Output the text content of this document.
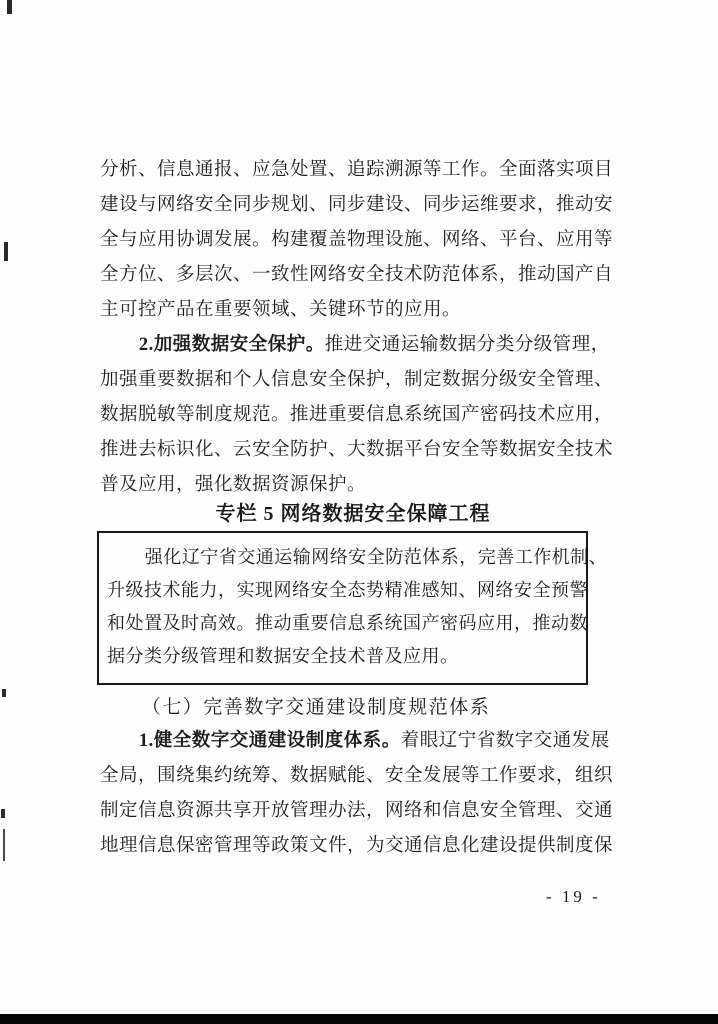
分析、信息通报、应急处置、追踪溯源等工作。全面落实项目
建设与网络安全同步规划、同步建设、同步运维要求，推动安
全与应用协调发展。构建覆盖物理设施、网络、平台、应用等
全方位、多层次、一致性网络安全技术防范体系，推动国产自
主可控产品在重要领域、关键环节的应用。
2.加强数据安全保护。推进交通运输数据分类分级管理，
加强重要数据和个人信息安全保护，制定数据分级安全管理、
数据脱敏等制度规范。推进重要信息系统国产密码技术应用，
推进去标识化、云安全防护、大数据平台安全等数据安全技术
普及应用，强化数据资源保护。
专栏 5 网络数据安全保障工程
强化辽宁省交通运输网络安全防范体系，完善工作机制、
升级技术能力，实现网络安全态势精准感知、网络安全预警
和处置及时高效。推动重要信息系统国产密码应用，推动数
据分类分级管理和数据安全技术普及应用。
（七）完善数字交通建设制度规范体系
1.健全数字交通建设制度体系。着眼辽宁省数字交通发展
全局，围绕集约统筹、数据赋能、安全发展等工作要求，组织
制定信息资源共享开放管理办法，网络和信息安全管理、交通
地理信息保密管理等政策文件，为交通信息化建设提供制度保
- 19 -
